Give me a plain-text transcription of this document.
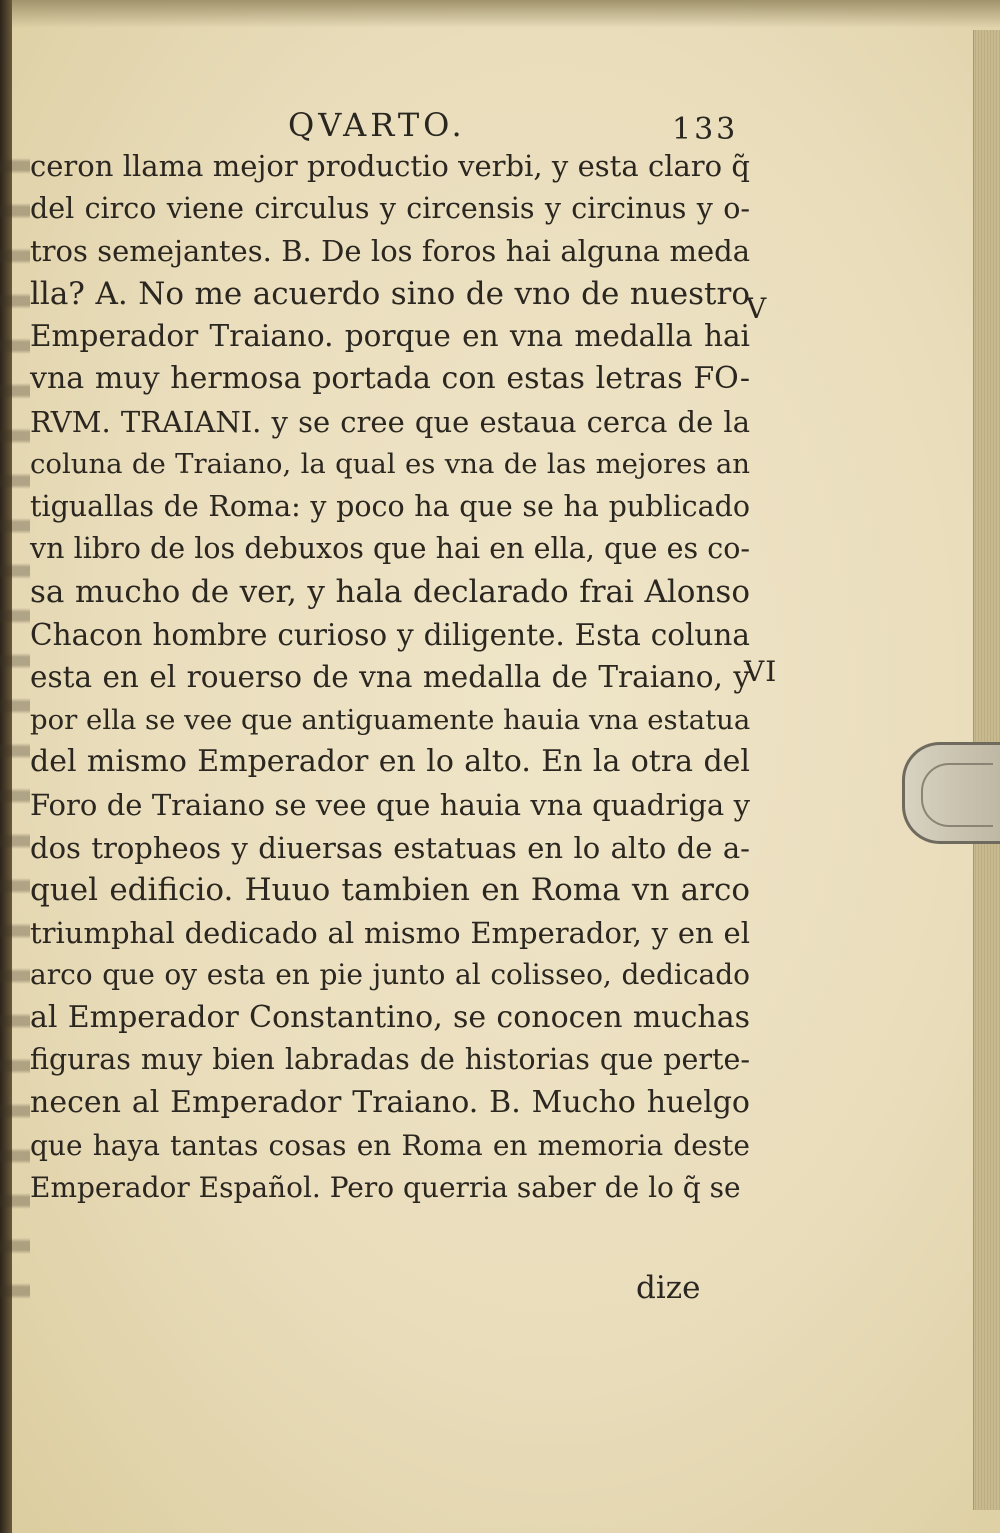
QVARTO.	133
ceron llama mejor productio verbi, y esta claro q̃
del circo viene circulus y circensis y circinus y o-
tros semejantes. B. De los foros hai alguna meda
lla? A. No me acuerdo sino de vno de nuestro
Emperador Traiano. porque en vna medalla hai
vna muy hermosa portada con estas letras FO-
RVM. TRAIANI. y se cree que estaua cerca de la
coluna de Traiano, la qual es vna de las mejores an
tiguallas de Roma: y poco ha que se ha publicado
vn libro de los debuxos que hai en ella, que es co-
sa mucho de ver, y hala declarado frai Alonso
Chacon hombre curioso y diligente. Esta coluna
esta en el rouerso de vna medalla de Traiano, y
por ella se vee que antiguamente hauia vna estatua
del mismo Emperador en lo alto. En la otra del
Foro de Traiano se vee que hauia vna quadriga y
dos tropheos y diuersas estatuas en lo alto de a-
quel edificio. Huuo tambien en Roma vn arco
triumphal dedicado al mismo Emperador, y en el
arco que oy esta en pie junto al colisseo, dedicado
al Emperador Constantino, se conocen muchas
figuras muy bien labradas de historias que perte-
necen al Emperador Traiano. B. Mucho huelgo
que haya tantas cosas en Roma en memoria deste
Emperador Español. Pero querria saber de lo q̃ se
dize
V
VI
